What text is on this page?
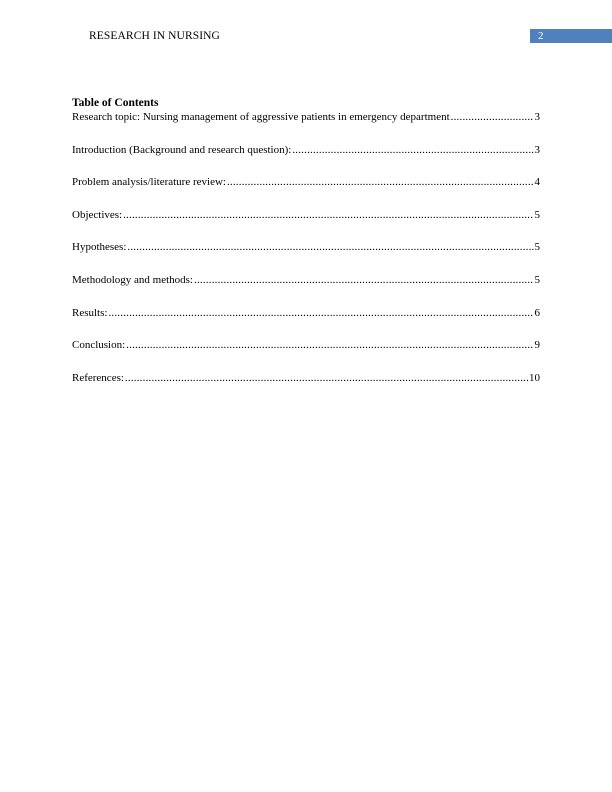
RESEARCH IN NURSING	2
Table of Contents
Research topic: Nursing management of aggressive patients in emergency department .....	3
Introduction (Background and research question): .....	3
Problem analysis/literature review: .....	4
Objectives: .....	5
Hypotheses: .....	5
Methodology and methods: .....	5
Results: .....	6
Conclusion: .....	9
References: .....	10
